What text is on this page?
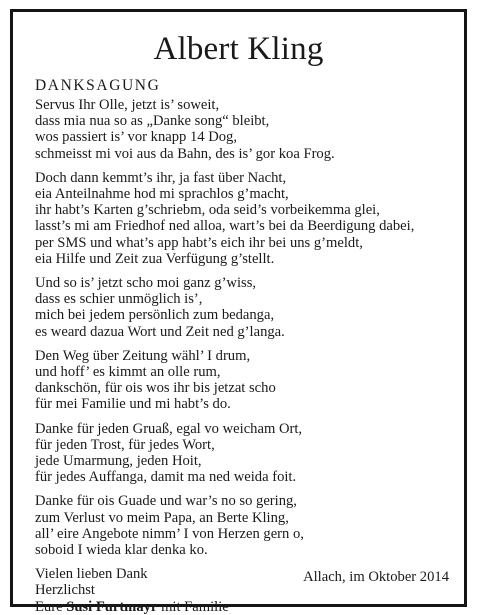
Albert Kling
DANKSAGUNG
Servus Ihr Olle, jetzt is’ soweit,
dass mia nua so as „Danke song“ bleibt,
wos passiert is’ vor knapp 14 Dog,
schmeisst mi voi aus da Bahn, des is’ gor koa Frog.
Doch dann kemmt’s ihr, ja fast über Nacht,
eia Anteilnahme hod mi sprachlos g’macht,
ihr habt’s Karten g’schriebm, oda seid’s vorbeikemma glei,
lasst’s mi am Friedhof ned alloa, wart’s bei da Beerdigung dabei,
per SMS und what’s app habt’s eich ihr bei uns g’meldt,
eia Hilfe und Zeit zua Verfügung g’stellt.
Und so is’ jetzt scho moi ganz g’wiss,
dass es schier unmöglich is’,
mich bei jedem persönlich zum bedanga,
es weard dazua Wort und Zeit ned g’langa.
Den Weg über Zeitung wähl’ I drum,
und hoff’ es kimmt an olle rum,
dankschön, für ois wos ihr bis jetzat scho
für mei Familie und mi habt’s do.
Danke für jeden Gruaß, egal vo weicham Ort,
für jeden Trost, für jedes Wort,
jede Umarmung, jeden Hoit,
für jedes Auffanga, damit ma ned weida foit.
Danke für ois Guade und war’s no so gering,
zum Verlust vo meim Papa, an Berte Kling,
all’ eire Angebote nimm’ I von Herzen gern o,
soboid I wieda klar denka ko.
Vielen lieben Dank
Herzlichst
Eure Susi Furtmayr mit Familie
Allach, im Oktober 2014
